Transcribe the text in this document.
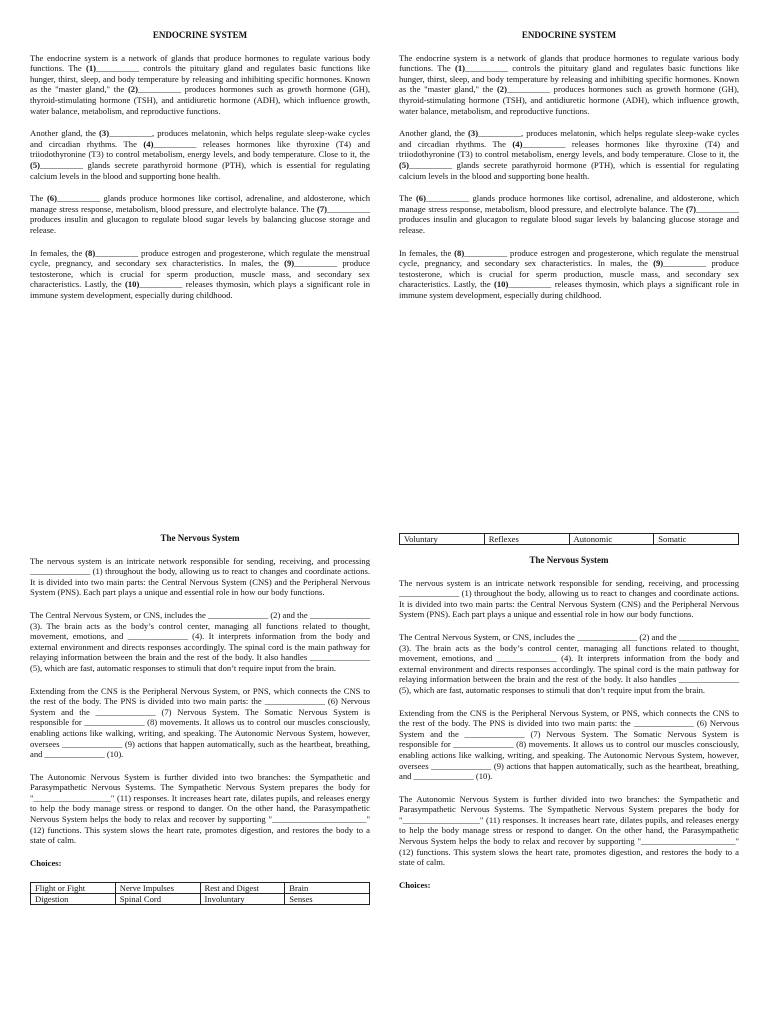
ENDOCRINE SYSTEM

The endocrine system is a network of glands that produce hormones to regulate various body functions. The (1)__________ controls the pituitary gland and regulates basic functions like hunger, thirst, sleep, and body temperature by releasing and inhibiting specific hormones. Known as the "master gland," the (2)__________ produces hormones such as growth hormone (GH), thyroid-stimulating hormone (TSH), and antidiuretic hormone (ADH), which influence growth, water balance, metabolism, and reproductive functions.

Another gland, the (3)__________, produces melatonin, which helps regulate sleep-wake cycles and circadian rhythms. The (4)__________ releases hormones like thyroxine (T4) and triiodothyronine (T3) to control metabolism, energy levels, and body temperature. Close to it, the (5)__________ glands secrete parathyroid hormone (PTH), which is essential for regulating calcium levels in the blood and supporting bone health.

The (6)__________ glands produce hormones like cortisol, adrenaline, and aldosterone, which manage stress response, metabolism, blood pressure, and electrolyte balance. The (7)__________ produces insulin and glucagon to regulate blood sugar levels by balancing glucose storage and release.

In females, the (8)__________ produce estrogen and progesterone, which regulate the menstrual cycle, pregnancy, and secondary sex characteristics. In males, the (9)__________ produce testosterone, which is crucial for sperm production, muscle mass, and secondary sex characteristics. Lastly, the (10)__________ releases thymosin, which plays a significant role in immune system development, especially during childhood.

ENDOCRINE SYSTEM

The endocrine system is a network of glands that produce hormones to regulate various body functions. The (1)__________ controls the pituitary gland and regulates basic functions like hunger, thirst, sleep, and body temperature by releasing and inhibiting specific hormones. Known as the "master gland," the (2)__________ produces hormones such as growth hormone (GH), thyroid-stimulating hormone (TSH), and antidiuretic hormone (ADH), which influence growth, water balance, metabolism, and reproductive functions.

Another gland, the (3)__________, produces melatonin, which helps regulate sleep-wake cycles and circadian rhythms. The (4)__________ releases hormones like thyroxine (T4) and triiodothyronine (T3) to control metabolism, energy levels, and body temperature. Close to it, the (5)__________ glands secrete parathyroid hormone (PTH), which is essential for regulating calcium levels in the blood and supporting bone health.

The (6)__________ glands produce hormones like cortisol, adrenaline, and aldosterone, which manage stress response, metabolism, blood pressure, and electrolyte balance. The (7)__________ produces insulin and glucagon to regulate blood sugar levels by balancing glucose storage and release.

In females, the (8)__________ produce estrogen and progesterone, which regulate the menstrual cycle, pregnancy, and secondary sex characteristics. In males, the (9)__________ produce testosterone, which is crucial for sperm production, muscle mass, and secondary sex characteristics. Lastly, the (10)__________ releases thymosin, which plays a significant role in immune system development, especially during childhood.

The Nervous System

The nervous system is an intricate network responsible for sending, receiving, and processing ______________ (1) throughout the body, allowing us to react to changes and coordinate actions. It is divided into two main parts: the Central Nervous System (CNS) and the Peripheral Nervous System (PNS). Each part plays a unique and essential role in how our body functions.

The Central Nervous System, or CNS, includes the ______________ (2) and the ______________ (3). The brain acts as the body’s control center, managing all functions related to thought, movement, emotions, and ______________ (4). It interprets information from the body and external environment and directs responses accordingly. The spinal cord is the main pathway for relaying information between the brain and the rest of the body. It also handles ______________ (5), which are fast, automatic responses to stimuli that don’t require input from the brain.

Extending from the CNS is the Peripheral Nervous System, or PNS, which connects the CNS to the rest of the body. The PNS is divided into two main parts: the ______________ (6) Nervous System and the ______________ (7) Nervous System. The Somatic Nervous System is responsible for ______________ (8) movements. It allows us to control our muscles consciously, enabling actions like walking, writing, and speaking. The Autonomic Nervous System, however, oversees ______________ (9) actions that happen automatically, such as the heartbeat, breathing, and ______________ (10).

The Autonomic Nervous System is further divided into two branches: the Sympathetic and Parasympathetic Nervous Systems. The Sympathetic Nervous System prepares the body for "__________________" (11) responses. It increases heart rate, dilates pupils, and releases energy to help the body manage stress or respond to danger. On the other hand, the Parasympathetic Nervous System helps the body to relax and recover by supporting "______________________" (12) functions. This system slows the heart rate, promotes digestion, and restores the body to a state of calm.

Choices:
Flight or Fight	Nerve Impulses	Rest and Digest	Brain
Digestion	Spinal Cord	Involuntary	Senses
Voluntary	Reflexes	Autonomic	Somatic
The Nervous System

The nervous system is an intricate network responsible for sending, receiving, and processing ______________ (1) throughout the body, allowing us to react to changes and coordinate actions. It is divided into two main parts: the Central Nervous System (CNS) and the Peripheral Nervous System (PNS). Each part plays a unique and essential role in how our body functions.

The Central Nervous System, or CNS, includes the ______________ (2) and the ______________ (3). The brain acts as the body’s control center, managing all functions related to thought, movement, emotions, and ______________ (4). It interprets information from the body and external environment and directs responses accordingly. The spinal cord is the main pathway for relaying information between the brain and the rest of the body. It also handles ______________ (5), which are fast, automatic responses to stimuli that don’t require input from the brain.

Extending from the CNS is the Peripheral Nervous System, or PNS, which connects the CNS to the rest of the body. The PNS is divided into two main parts: the ______________ (6) Nervous System and the ______________ (7) Nervous System. The Somatic Nervous System is responsible for ______________ (8) movements. It allows us to control our muscles consciously, enabling actions like walking, writing, and speaking. The Autonomic Nervous System, however, oversees ______________ (9) actions that happen automatically, such as the heartbeat, breathing, and ______________ (10).

The Autonomic Nervous System is further divided into two branches: the Sympathetic and Parasympathetic Nervous Systems. The Sympathetic Nervous System prepares the body for "__________________" (11) responses. It increases heart rate, dilates pupils, and releases energy to help the body manage stress or respond to danger. On the other hand, the Parasympathetic Nervous System helps the body to relax and recover by supporting "______________________" (12) functions. This system slows the heart rate, promotes digestion, and restores the body to a state of calm.

Choices:
